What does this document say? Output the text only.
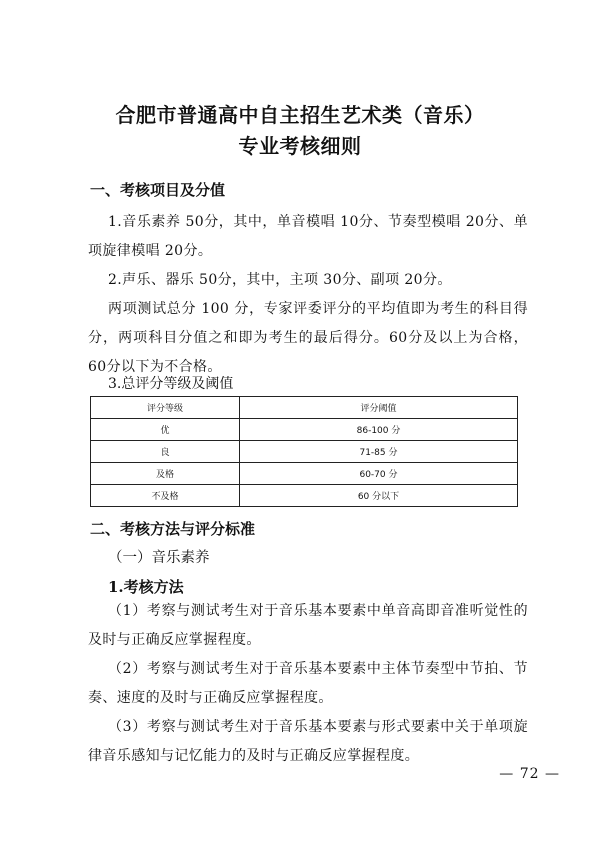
合肥市普通高中自主招生艺术类（音乐）
专业考核细则
一、考核项目及分值
1.音乐素养 50分，其中，单音模唱 10分、节奏型模唱 20分、单项旋律模唱 20分。
2.声乐、器乐 50分，其中，主项 30分、副项 20分。
两项测试总分 100 分，专家评委评分的平均值即为考生的科目得分，两项科目分值之和即为考生的最后得分。60分及以上为合格，60分以下为不合格。
3.总评分等级及阈值
评分等级	评分阈值
优	86-100 分
良	71-85 分
及格	60-70 分
不及格	60 分以下
二、考核方法与评分标准
（一）音乐素养
1.考核方法
（1）考察与测试考生对于音乐基本要素中单音高即音准听觉性的及时与正确反应掌握程度。
（2）考察与测试考生对于音乐基本要素中主体节奏型中节拍、节奏、速度的及时与正确反应掌握程度。
（3）考察与测试考生对于音乐基本要素与形式要素中关于单项旋律音乐感知与记忆能力的及时与正确反应掌握程度。
— 72 —
